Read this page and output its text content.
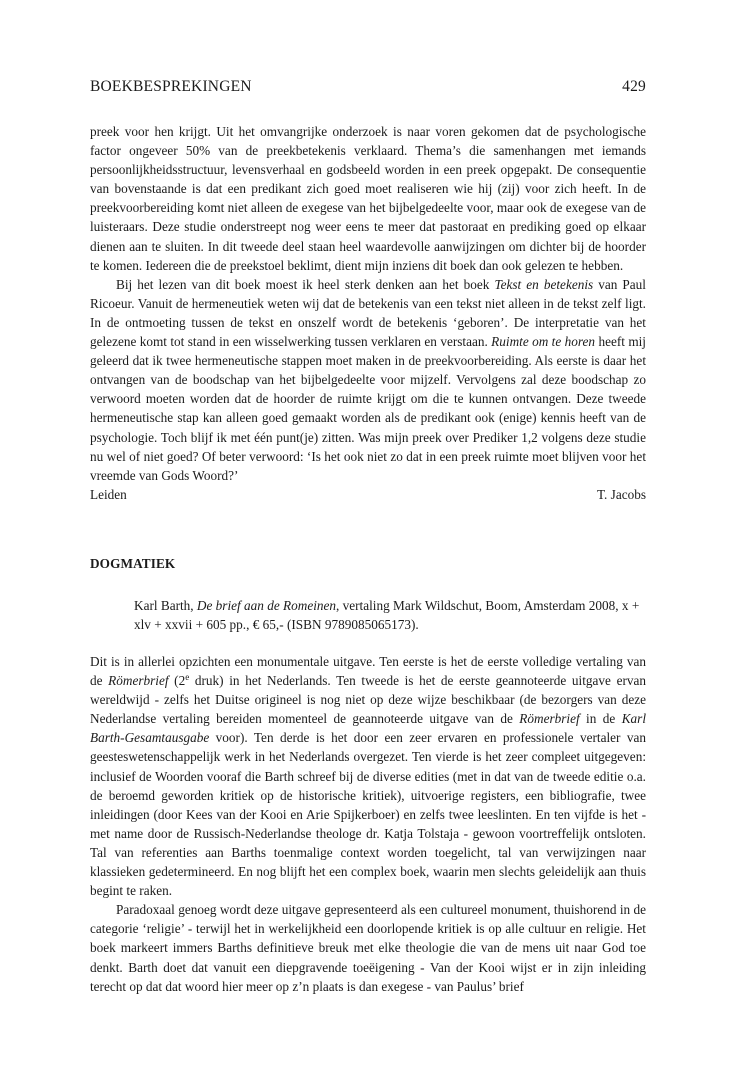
BOEKBESPREKINGEN	429

preek voor hen krijgt. Uit het omvangrijke onderzoek is naar voren gekomen dat de psychologische factor ongeveer 50% van de preekbetekenis verklaard. Thema’s die samenhangen met iemands persoonlijkheidsstructuur, levensverhaal en godsbeeld worden in een preek opgepakt. De consequentie van bovenstaande is dat een predikant zich goed moet realiseren wie hij (zij) voor zich heeft. In de preekvoorbereiding komt niet alleen de exegese van het bijbelgedeelte voor, maar ook de exegese van de luisteraars. Deze studie onderstreept nog weer eens te meer dat pastoraat en prediking goed op elkaar dienen aan te sluiten. In dit tweede deel staan heel waardevolle aanwijzingen om dichter bij de hoorder te komen. Iedereen die de preekstoel beklimt, dient mijn inziens dit boek dan ook gelezen te hebben.

Bij het lezen van dit boek moest ik heel sterk denken aan het boek Tekst en betekenis van Paul Ricoeur. Vanuit de hermeneutiek weten wij dat de betekenis van een tekst niet alleen in de tekst zelf ligt. In de ontmoeting tussen de tekst en onszelf wordt de betekenis ‘geboren’. De interpretatie van het gelezene komt tot stand in een wisselwerking tussen verklaren en verstaan. Ruimte om te horen heeft mij geleerd dat ik twee hermeneutische stappen moet maken in de preekvoorbereiding. Als eerste is daar het ontvangen van de boodschap van het bijbelgedeelte voor mijzelf. Vervolgens zal deze boodschap zo verwoord moeten worden dat de hoorder de ruimte krijgt om die te kunnen ontvangen. Deze tweede hermeneutische stap kan alleen goed gemaakt worden als de predikant ook (enige) kennis heeft van de psychologie. Toch blijf ik met één punt(je) zitten. Was mijn preek over Prediker 1,2 volgens deze studie nu wel of niet goed? Of beter verwoord: ‘Is het ook niet zo dat in een preek ruimte moet blijven voor het vreemde van Gods Woord?’

Leiden	T. Jacobs
DOGMATIEK

Karl Barth, De brief aan de Romeinen, vertaling Mark Wildschut, Boom, Amsterdam 2008, x + xlv + xxvii + 605 pp., € 65,- (ISBN 9789085065173).

Dit is in allerlei opzichten een monumentale uitgave. Ten eerste is het de eerste volledige vertaling van de Römerbrief (2e druk) in het Nederlands. Ten tweede is het de eerste geannoteerde uitgave ervan wereldwijd - zelfs het Duitse origineel is nog niet op deze wijze beschikbaar (de bezorgers van deze Nederlandse vertaling bereiden momenteel de geannoteerde uitgave van de Römerbrief in de Karl Barth-Gesamtausgabe voor). Ten derde is het door een zeer ervaren en professionele vertaler van geesteswetenschappelijk werk in het Nederlands overgezet. Ten vierde is het zeer compleet uitgegeven: inclusief de Woorden vooraf die Barth schreef bij de diverse edities (met in dat van de tweede editie o.a. de beroemd geworden kritiek op de historische kritiek), uitvoerige registers, een bibliografie, twee inleidingen (door Kees van der Kooi en Arie Spijkerboer) en zelfs twee leeslinten. En ten vijfde is het - met name door de Russisch-Nederlandse theologe dr. Katja Tolstaja - gewoon voortreffelijk ontsloten. Tal van referenties aan Barths toenmalige context worden toegelicht, tal van verwijzingen naar klassieken gedetermineerd. En nog blijft het een complex boek, waarin men slechts geleidelijk aan thuis begint te raken.

Paradoxaal genoeg wordt deze uitgave gepresenteerd als een cultureel monument, thuishorend in de categorie ‘religie’ - terwijl het in werkelijkheid een doorlopende kritiek is op alle cultuur en religie. Het boek markeert immers Barths definitieve breuk met elke theologie die van de mens uit naar God toe denkt. Barth doet dat vanuit een diepgravende toeëigening - Van der Kooi wijst er in zijn inleiding terecht op dat dat woord hier meer op z’n plaats is dan exegese - van Paulus’ brief
